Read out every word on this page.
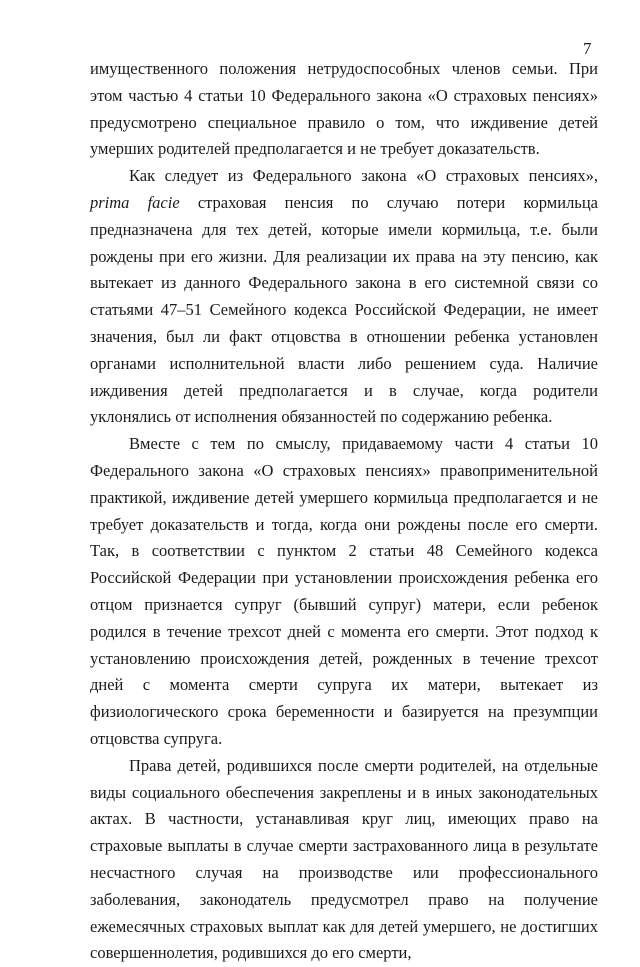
7

имущественного положения нетрудоспособных членов семьи. При этом частью 4 статьи 10 Федерального закона «О страховых пенсиях» предусмотрено специальное правило о том, что иждивение детей умерших родителей предполагается и не требует доказательств.

Как следует из Федерального закона «О страховых пенсиях», prima facie страховая пенсия по случаю потери кормильца предназначена для тех детей, которые имели кормильца, т.е. были рождены при его жизни. Для реализации их права на эту пенсию, как вытекает из данного Федерального закона в его системной связи со статьями 47–51 Семейного кодекса Российской Федерации, не имеет значения, был ли факт отцовства в отношении ребенка установлен органами исполнительной власти либо решением суда. Наличие иждивения детей предполагается и в случае, когда родители уклонялись от исполнения обязанностей по содержанию ребенка.

Вместе с тем по смыслу, придаваемому части 4 статьи 10 Федерального закона «О страховых пенсиях» правоприменительной практикой, иждивение детей умершего кормильца предполагается и не требует доказательств и тогда, когда они рождены после его смерти. Так, в соответствии с пунктом 2 статьи 48 Семейного кодекса Российской Федерации при установлении происхождения ребенка его отцом признается супруг (бывший супруг) матери, если ребенок родился в течение трехсот дней с момента его смерти. Этот подход к установлению происхождения детей, рожденных в течение трехсот дней с момента смерти супруга их матери, вытекает из физиологического срока беременности и базируется на презумпции отцовства супруга.

Права детей, родившихся после смерти родителей, на отдельные виды социального обеспечения закреплены и в иных законодательных актах. В частности, устанавливая круг лиц, имеющих право на страховые выплаты в случае смерти застрахованного лица в результате несчастного случая на производстве или профессионального заболевания, законодатель предусмотрел право на получение ежемесячных страховых выплат как для детей умершего, не достигших совершеннолетия, родившихся до его смерти,
